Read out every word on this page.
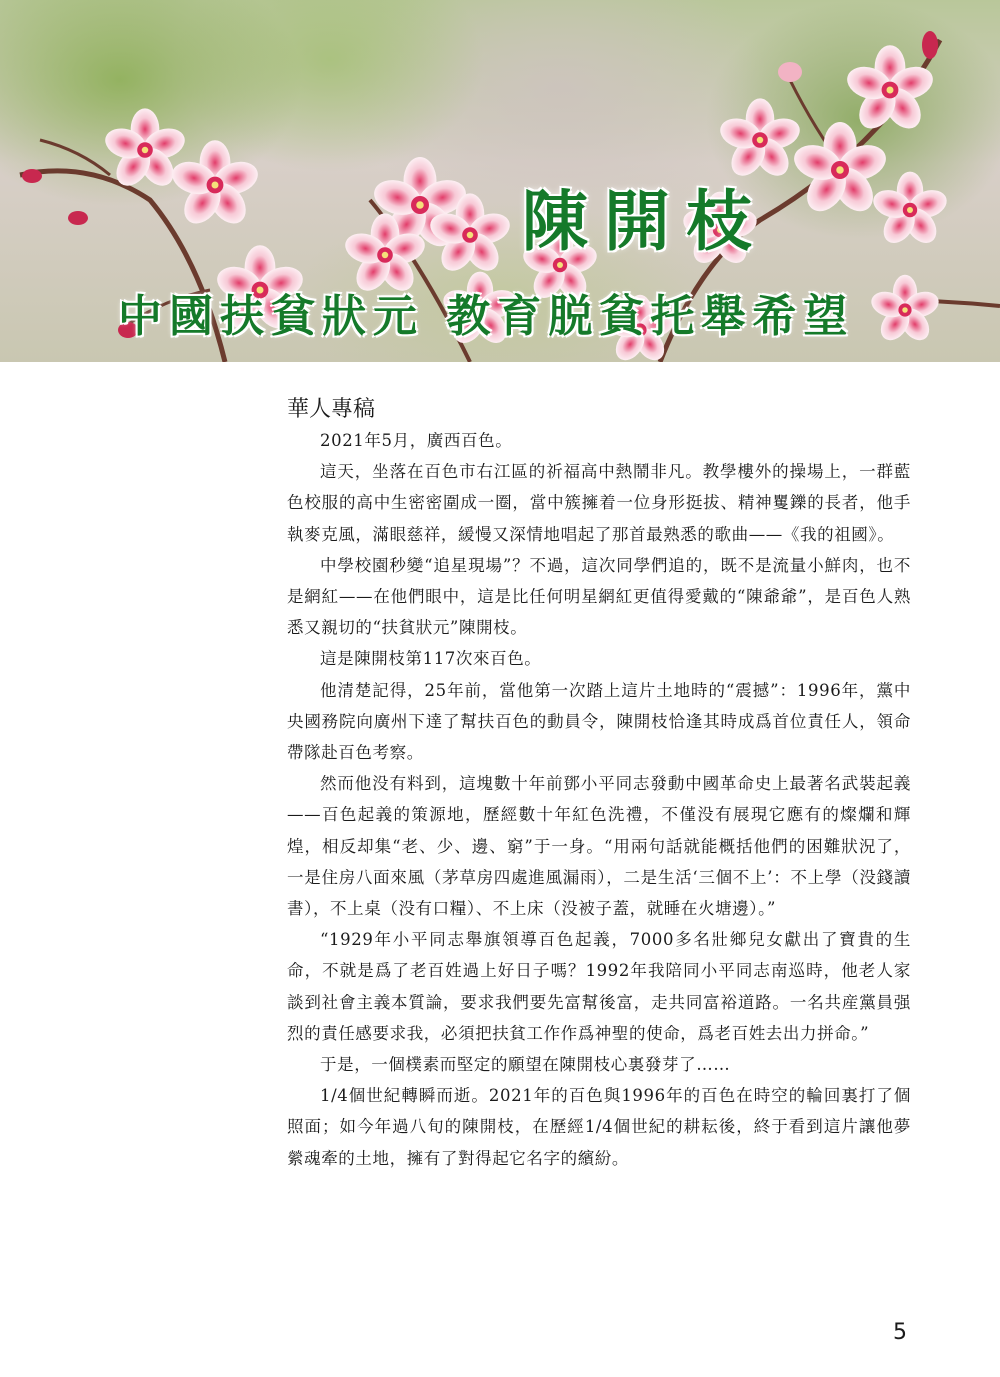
陳開枝
中國扶貧狀元 教育脱貧托舉希望
華人專稿

2021年5月，廣西百色。

這天，坐落在百色市右江區的祈福高中熱鬧非凡。教學樓外的操場上，一群藍色校服的高中生密密圍成一圈，當中簇擁着一位身形挺拔、精神矍鑠的長者，他手執麥克風，滿眼慈祥，緩慢又深情地唱起了那首最熟悉的歌曲——《我的祖國》。

中學校園秒變“追星現場”？不過，這次同學們追的，既不是流量小鮮肉，也不是網紅——在他們眼中，這是比任何明星網紅更值得愛戴的“陳爺爺”，是百色人熟悉又親切的“扶貧狀元”陳開枝。

這是陳開枝第117次來百色。

他清楚記得，25年前，當他第一次踏上這片土地時的“震撼”：1996年，黨中央國務院向廣州下達了幫扶百色的動員令，陳開枝恰逢其時成爲首位責任人，領命帶隊赴百色考察。

然而他没有料到，這塊數十年前鄧小平同志發動中國革命史上最著名武裝起義——百色起義的策源地，歷經數十年紅色洗禮，不僅没有展現它應有的燦爛和輝煌，相反却集“老、少、邊、窮”于一身。“用兩句話就能概括他們的困難狀況了，一是住房八面來風（茅草房四處進風漏雨），二是生活‘三個不上’：不上學（没錢讀書），不上桌（没有口糧）、不上床（没被子蓋，就睡在火塘邊）。”

“1929年小平同志舉旗領導百色起義，7000多名壯鄉兒女獻出了寶貴的生命，不就是爲了老百姓過上好日子嗎？1992年我陪同小平同志南巡時，他老人家談到社會主義本質論，要求我們要先富幫後富，走共同富裕道路。一名共産黨員强烈的責任感要求我，必須把扶貧工作作爲神聖的使命，爲老百姓去出力拼命。”

于是，一個樸素而堅定的願望在陳開枝心裏發芽了……

1/4個世紀轉瞬而逝。2021年的百色與1996年的百色在時空的輪回裏打了個照面；如今年過八旬的陳開枝，在歷經1/4個世紀的耕耘後，終于看到這片讓他夢縈魂牽的土地，擁有了對得起它名字的繽紛。

5
